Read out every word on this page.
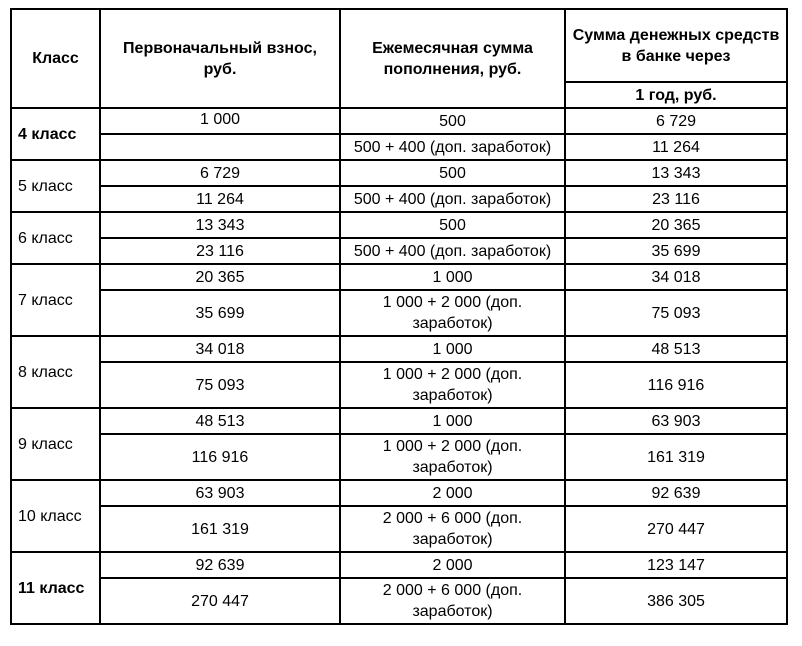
Класс	Первоначальный взнос, руб.	Ежемесячная сумма пополнения, руб.	Сумма денежных средств
в банке через
			1 год, руб.
4 класс	1 000	500	6 729
		500 + 400 (доп. заработок)	11 264
5 класс	6 729	500	13 343
	11 264	500 + 400 (доп. заработок)	23 116
6 класс	13 343	500	20 365
	23 116	500 + 400 (доп. заработок)	35 699
7 класс	20 365	1 000	34 018
	35 699	1 000 + 2 000 (доп. заработок)	75 093
8 класс	34 018	1 000	48 513
	75 093	1 000 + 2 000 (доп. заработок)	116 916
9 класс	48 513	1 000	63 903
	116 916	1 000 + 2 000 (доп. заработок)	161 319
10 класс	63 903	2 000	92 639
	161 319	2 000 + 6 000 (доп. заработок)	270 447
11 класс	92 639	2 000	123 147
	270 447	2 000 + 6 000 (доп. заработок)	386 305
